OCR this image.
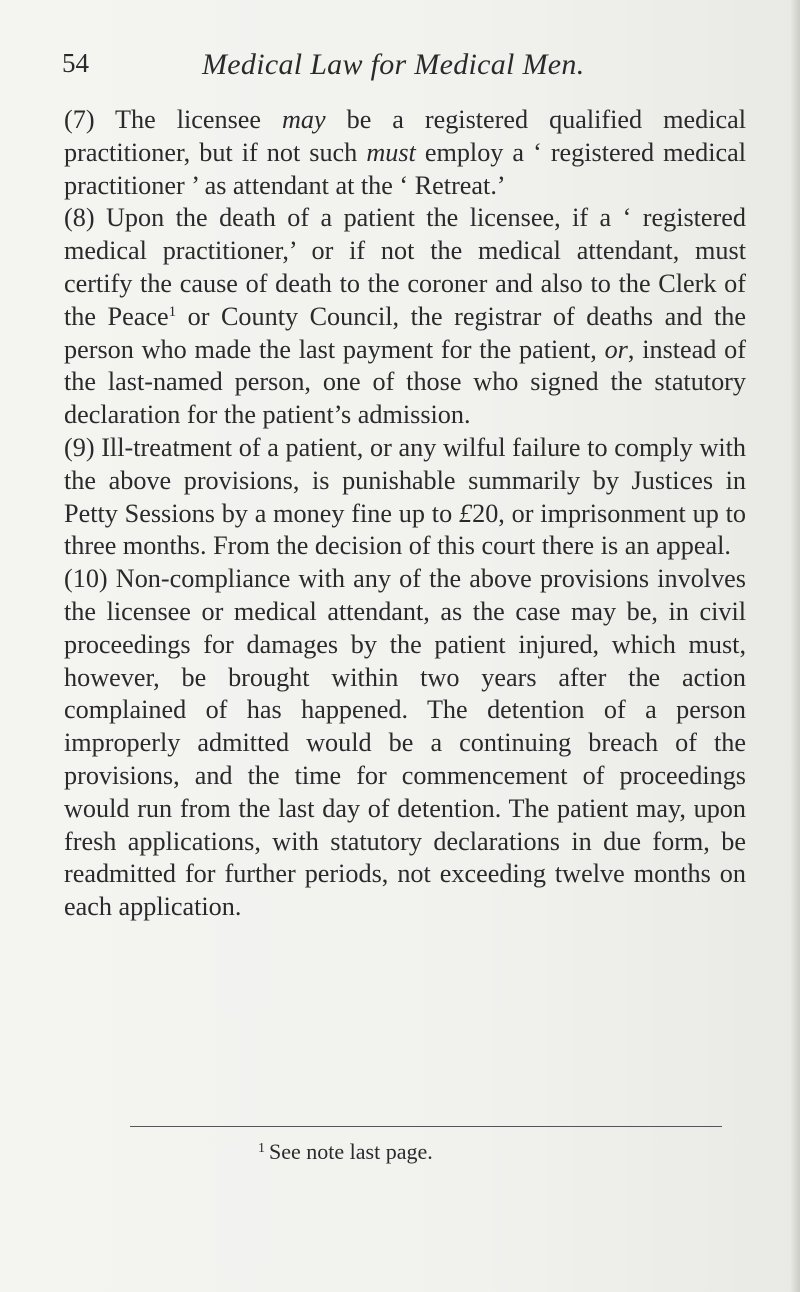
54	Medical Law for Medical Men.

(7) The licensee may be a registered qualified medical practitioner, but if not such must employ a ‘ registered medical practitioner ’ as attendant at the ‘ Retreat.’

(8) Upon the death of a patient the licensee, if a ‘ registered medical practitioner,’ or if not the medical attendant, must certify the cause of death to the coroner and also to the Clerk of the Peace$^1$ or County Council, the registrar of deaths and the person who made the last payment for the patient, or, instead of the last-named person, one of those who signed the statutory declaration for the patient’s admission.

(9) Ill-treatment of a patient, or any wilful failure to comply with the above provisions, is punishable summarily by Justices in Petty Sessions by a money fine up to £20, or imprisonment up to three months. From the decision of this court there is an appeal.

(10) Non-compliance with any of the above provisions involves the licensee or medical attendant, as the case may be, in civil proceedings for damages by the patient injured, which must, however, be brought within two years after the action complained of has happened. The detention of a person improperly admitted would be a continuing breach of the provisions, and the time for commencement of proceedings would run from the last day of detention. The patient may, upon fresh applications, with statutory declarations in due form, be readmitted for further periods, not exceeding twelve months on each application.

$^1$ See note last page.
